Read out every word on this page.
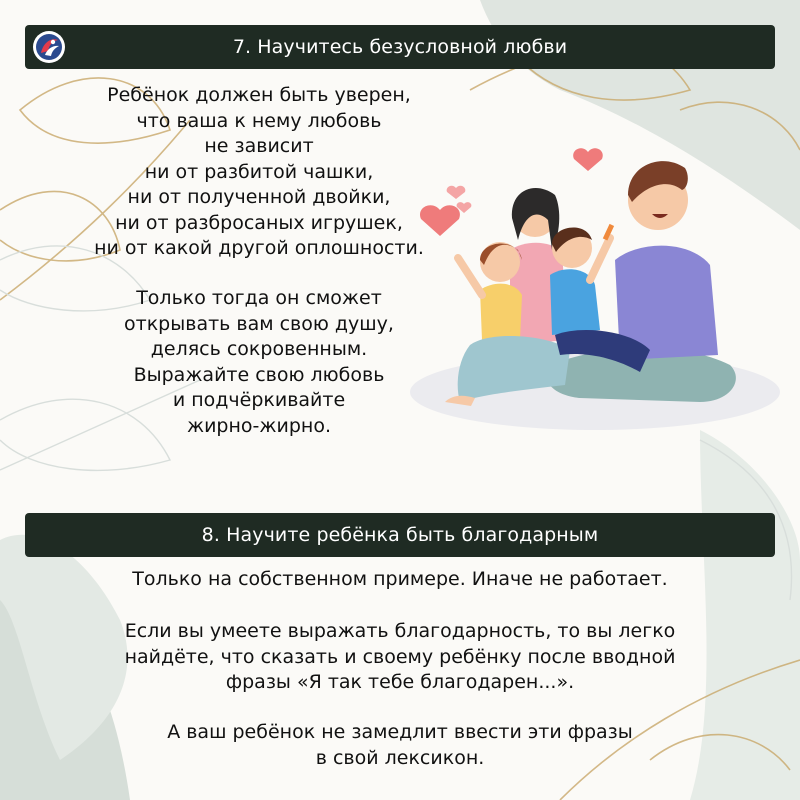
7. Научитесь безусловной любви
Ребёнок должен быть уверен,
что ваша к нему любовь
не зависит
ни от разбитой чашки,
ни от полученной двойки,
ни от разбросаных игрушек,
ни от какой другой оплошности.
Только тогда он сможет
открывать вам свою душу,
делясь сокровенным.
Выражайте свою любовь
и подчёркивайте
жирно-жирно.
8. Научите ребёнка быть благодарным
Только на собственном примере. Иначе не работает.
Если вы умеете выражать благодарность, то вы легко
найдёте, что сказать и своему ребёнку после вводной
фразы «Я так тебе благодарен...».
А ваш ребёнок не замедлит ввести эти фразы
в свой лексикон.
